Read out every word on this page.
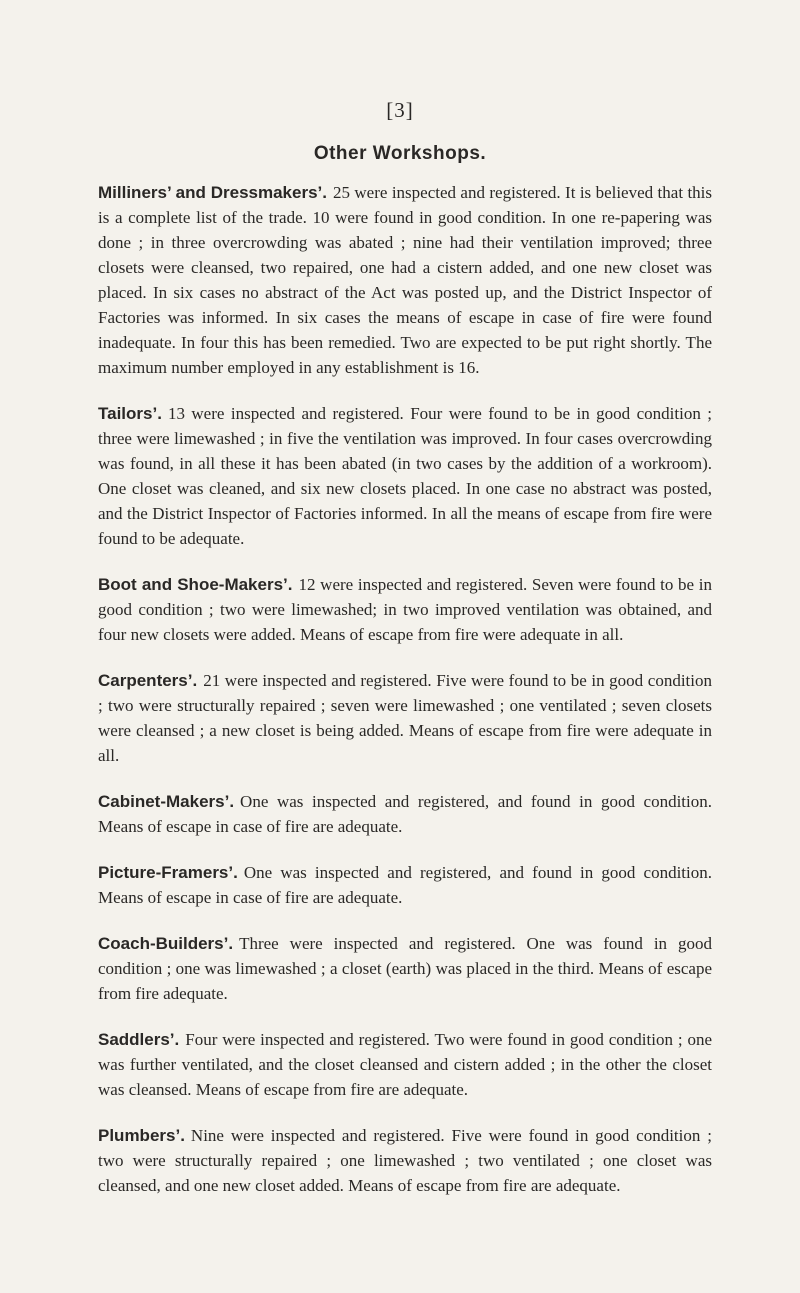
[3]
Other Workshops.

Milliners’ and Dressmakers’. 25 were inspected and registered. It is believed that this is a complete list of the trade. 10 were found in good condition. In one re-papering was done ; in three overcrowding was abated ; nine had their ventilation improved; three closets were cleansed, two repaired, one had a cistern added, and one new closet was placed. In six cases no abstract of the Act was posted up, and the District Inspector of Factories was informed. In six cases the means of escape in case of fire were found inadequate. In four this has been remedied. Two are expected to be put right shortly. The maximum number employed in any establishment is 16.

Tailors’. 13 were inspected and registered. Four were found to be in good condition ; three were limewashed ; in five the ventilation was improved. In four cases overcrowding was found, in all these it has been abated (in two cases by the addition of a workroom). One closet was cleaned, and six new closets placed. In one case no abstract was posted, and the District Inspector of Factories informed. In all the means of escape from fire were found to be adequate.

Boot and Shoe-Makers’. 12 were inspected and registered. Seven were found to be in good condition ; two were limewashed; in two improved ventilation was obtained, and four new closets were added. Means of escape from fire were adequate in all.

Carpenters’. 21 were inspected and registered. Five were found to be in good condition ; two were structurally repaired ; seven were limewashed ; one ventilated ; seven closets were cleansed ; a new closet is being added. Means of escape from fire were adequate in all.

Cabinet-Makers’. One was inspected and registered, and found in good condition. Means of escape in case of fire are adequate.

Picture-Framers’. One was inspected and registered, and found in good condition. Means of escape in case of fire are adequate.

Coach-Builders’. Three were inspected and registered. One was found in good condition ; one was limewashed ; a closet (earth) was placed in the third. Means of escape from fire adequate.

Saddlers’. Four were inspected and registered. Two were found in good condition ; one was further ventilated, and the closet cleansed and cistern added ; in the other the closet was cleansed. Means of escape from fire are adequate.

Plumbers’. Nine were inspected and registered. Five were found in good condition ; two were structurally repaired ; one limewashed ; two ventilated ; one closet was cleansed, and one new closet added. Means of escape from fire are adequate.
